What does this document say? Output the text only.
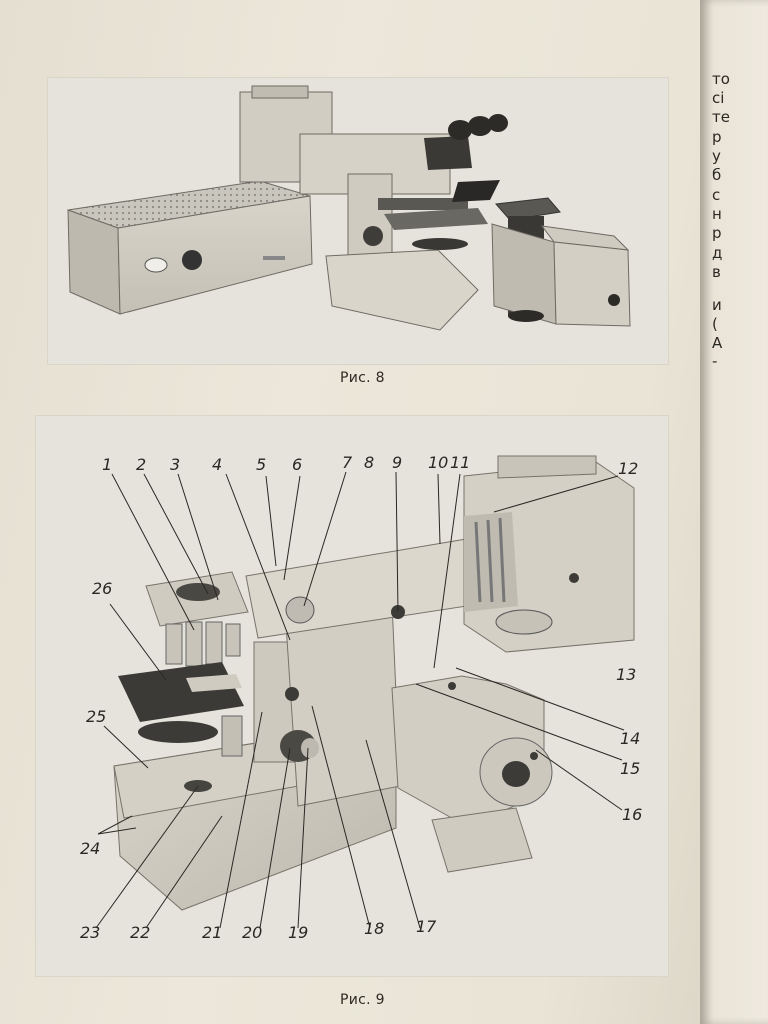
Рис. 8
1 2 3 4 5 6 7 8 9 10 11	12
13
14
15
16
17
18
19
20
21
22
23
24
25
26
Рис. 9
то
сі
те
р
у
б
с
н
р
д
в
и
(
А
-
